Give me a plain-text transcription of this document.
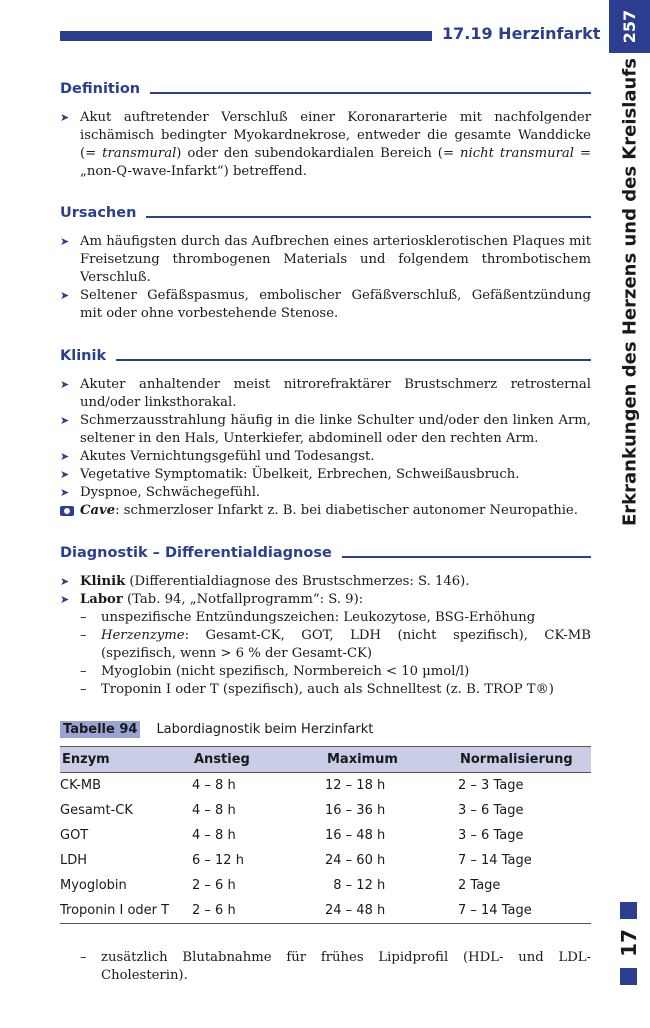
17.19 Herzinfarkt 257
Erkrankungen des Herzens und des Kreislaufs
17
Definition
➤ Akut auftretender Verschluß einer Koronararterie mit nachfolgender ischämisch bedingter Myokardnekrose, entweder die gesamte Wanddicke (= transmural) oder den subendokardialen Bereich (= nicht transmural = „non-Q-wave-Infarkt“) betreffend.
Ursachen
➤ Am häufigsten durch das Aufbrechen eines arteriosklerotischen Plaques mit Freisetzung thrombogenen Materials und folgendem thrombotischem Verschluß.
➤ Seltener Gefäßspasmus, embolischer Gefäßverschluß, Gefäßentzündung mit oder ohne vorbestehende Stenose.
Klinik
➤ Akuter anhaltender meist nitrorefraktärer Brustschmerz retrosternal und/oder linksthorakal.
➤ Schmerzausstrahlung häufig in die linke Schulter und/oder den linken Arm, seltener in den Hals, Unterkiefer, abdominell oder den rechten Arm.
➤ Akutes Vernichtungsgefühl und Todesangst.
➤ Vegetative Symptomatik: Übelkeit, Erbrechen, Schweißausbruch.
➤ Dyspnoe, Schwächegefühl.
Cave: schmerzloser Infarkt z. B. bei diabetischer autonomer Neuropathie.
Diagnostik – Differentialdiagnose
➤ Klinik (Differentialdiagnose des Brustschmerzes: S. 146).
➤ Labor (Tab. 94, „Notfallprogramm“: S. 9):
– unspezifische Entzündungszeichen: Leukozytose, BSG-Erhöhung
– Herzenzyme: Gesamt-CK, GOT, LDH (nicht spezifisch), CK-MB (spezifisch, wenn > 6 % der Gesamt-CK)
– Myoglobin (nicht spezifisch, Normbereich < 10 µmol/l)
– Troponin I oder T (spezifisch), auch als Schnelltest (z. B. TROP T®)
Tabelle 94 Labordiagnostik beim Herzinfarkt
Enzym	Anstieg	Maximum	Normalisierung
CK-MB	4 – 8 h	12 – 18 h	2 – 3 Tage
Gesamt-CK	4 – 8 h	16 – 36 h	3 – 6 Tage
GOT	4 – 8 h	16 – 48 h	3 – 6 Tage
LDH	6 – 12 h	24 – 60 h	7 – 14 Tage
Myoglobin	2 – 6 h	8 – 12 h	2 Tage
Troponin I oder T	2 – 6 h	24 – 48 h	7 – 14 Tage
– zusätzlich Blutabnahme für frühes Lipidprofil (HDL- und LDL-Cholesterin).
